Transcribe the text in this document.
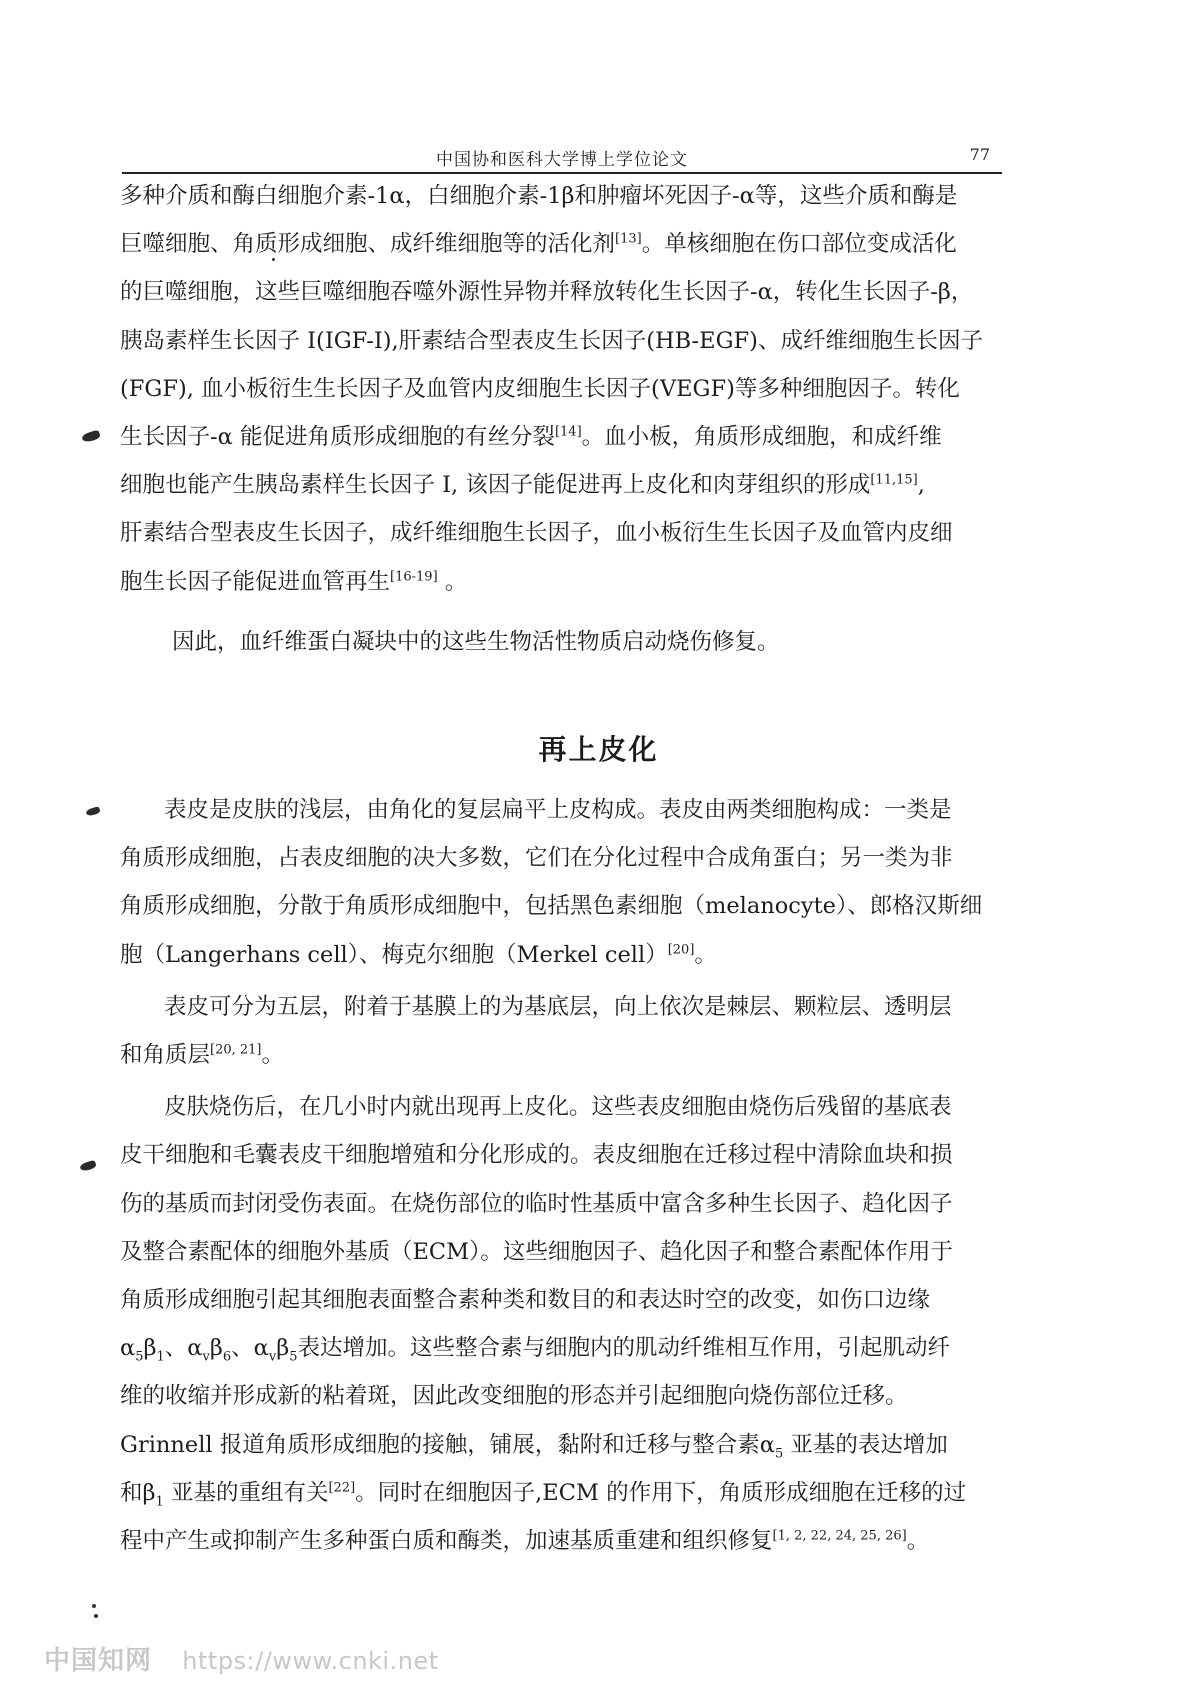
中国协和医科大学博上学位论文	77

多种介质和酶白细胞介素-1α，白细胞介素-1β和肿瘤坏死因子-α等，这些介质和酶是

巨噬细胞、角质形成细胞、成纤维细胞等的活化剂[13]。单核细胞在伤口部位变成活化

的巨噬细胞，这些巨噬细胞吞噬外源性异物并释放转化生长因子-α，转化生长因子-β，

胰岛素样生长因子 I(IGF-I),肝素结合型表皮生长因子(HB-EGF)、成纤维细胞生长因子

(FGF), 血小板衍生生长因子及血管内皮细胞生长因子(VEGF)等多种细胞因子。转化

生长因子-α 能促进角质形成细胞的有丝分裂[14]。血小板，角质形成细胞，和成纤维

细胞也能产生胰岛素样生长因子 I, 该因子能促进再上皮化和肉芽组织的形成[11,15],

肝素结合型表皮生长因子，成纤维细胞生长因子，血小板衍生生长因子及血管内皮细

胞生长因子能促进血管再生[16-19] 。

因此，血纤维蛋白凝块中的这些生物活性物质启动烧伤修复。

再上皮化

表皮是皮肤的浅层，由角化的复层扁平上皮构成。表皮由两类细胞构成：一类是

角质形成细胞，占表皮细胞的决大多数，它们在分化过程中合成角蛋白；另一类为非

角质形成细胞，分散于角质形成细胞中，包括黑色素细胞（melanocyte）、郎格汉斯细

胞（Langerhans cell）、梅克尔细胞（Merkel cell）[20]。

表皮可分为五层，附着于基膜上的为基底层，向上依次是棘层、颗粒层、透明层

和角质层[20, 21]。

皮肤烧伤后，在几小时内就出现再上皮化。这些表皮细胞由烧伤后残留的基底表

皮干细胞和毛囊表皮干细胞增殖和分化形成的。表皮细胞在迁移过程中清除血块和损

伤的基质而封闭受伤表面。在烧伤部位的临时性基质中富含多种生长因子、趋化因子

及整合素配体的细胞外基质（ECM）。这些细胞因子、趋化因子和整合素配体作用于

角质形成细胞引起其细胞表面整合素种类和数目的和表达时空的改变，如伤口边缘

$\alpha_5\beta_1$、$\alpha_v\beta_6$、$\alpha_v\beta_5$表达增加。这些整合素与细胞内的肌动纤维相互作用，引起肌动纤

维的收缩并形成新的粘着斑，因此改变细胞的形态并引起细胞向烧伤部位迁移。

Grinnell 报道角质形成细胞的接触，铺展，黏附和迁移与整合素$\alpha_5$ 亚基的表达增加

和$\beta_1$ 亚基的重组有关[22]。同时在细胞因子,ECM 的作用下，角质形成细胞在迁移的过

程中产生或抑制产生多种蛋白质和酶类，加速基质重建和组织修复[1, 2, 22, 24, 25, 26]。

中国知网 https://www.cnki.net
